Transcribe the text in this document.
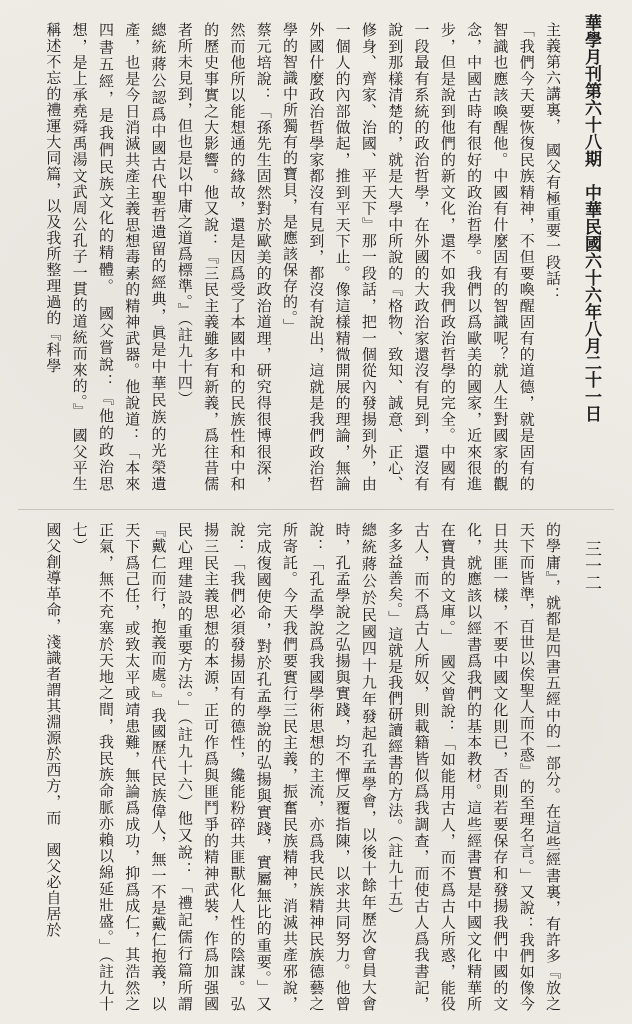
華學月刊第六十八期　中華民國六十六年八月二十一日
三一二

主義第六講裏，　國父有極重要一段話：

「我們今天要恢復民族精神，不但要喚醒固有的道德，就是固有的智識也應該喚醒他。中國有什麼固有的智識呢？就人生對國家的觀念，中國古時有很好的政治哲學。我們以爲歐美的國家，近來很進步，但是說到他們的新文化，還不如我們政治哲學的完全。中國有一段最有系統的政治哲學，在外國的大政治家還沒有見到，還沒有說到那樣清楚的，就是大學中所說的『格物、致知、誠意、正心、修身、齊家、治國、平天下』那一段話，把一個從內發揚到外，由一個人的內部做起，推到平天下止。像這樣精微開展的理論，無論外國什麼政治哲學家都沒有見到，都沒有說出，這就是我們政治哲學的智識中所獨有的寶貝，是應該保存的。」

蔡元培說：「孫先生固然對於歐美的政治道理，研究得很博很深，然而他所以能想通的緣故，還是因爲受了本國中和的民族性和中和的歷史事實之大影響。他又說：『三民主義雖多有新義，爲往昔儒者所未見到，但也是以中庸之道爲標準。』（註九十四）

總統蔣公認爲中國古代聖哲遺留的經典，眞是中華民族的光榮遺產，也是今日消滅共產主義思想毒素的精神武器。他說道：「本來四書五經，是我們民族文化的精體。　國父嘗說：『他的政治思想，是上承堯舜禹湯文武周公孔子一貫的道統而來的。』　國父平生稱述不忘的禮運大同篇，以及我所整理過的『科學

的學庸』，就都是四書五經中的一部分。在這些經書裏，有許多『放之天下而皆準，百世以俟聖人而不惑』的至理名言。」又說：我們如像今日共匪一樣，不要中國文化則已，否則若要保存和發揚我們中國的文化，就應該以經書爲我們的基本教材。這些經書實是中國文化精華所在寶貴的文庫。」　國父曾說：「如能用古人，而不爲古人所惑，能役古人，而不爲古人所奴，則載籍皆似爲我調查，而使古人爲我書記，多多益善矣。」這就是我們研讀經書的方法。（註九十五）

總統蔣公於民國四十九年發起孔孟學會，以後十餘年歷次會員大會時，孔孟學說之弘揚與實踐，均不憚反覆指陳，以求共同努力。他曾說：「孔孟學說爲我國學術思想的主流，亦爲我民族精神民族德藝之所寄託。今天我們要實行三民主義，振奮民族精神，消滅共產邪說，完成復國使命，對於孔孟學說的弘揚與實踐，實屬無比的重要。」又說：「我們必須發揚固有的德性，纔能粉碎共匪獸化人性的陰謀。弘揚三民主義思想的本源，正可作爲與匪鬥爭的精神武裝，作爲加强國民心理建設的重要方法。」（註九十六）他又說：「禮記儒行篇所謂『戴仁而行，抱義而處。』我國歷代民族偉人，無一不是戴仁抱義，以天下爲己任，或致太平或靖患難，無論爲成功，抑爲成仁，其浩然之正氣，無不充塞於天地之間，我民族命脈亦賴以綿延壯盛。」（註九十七）

國父創導革命，淺識者謂其淵源於西方，而　國父必自居於
